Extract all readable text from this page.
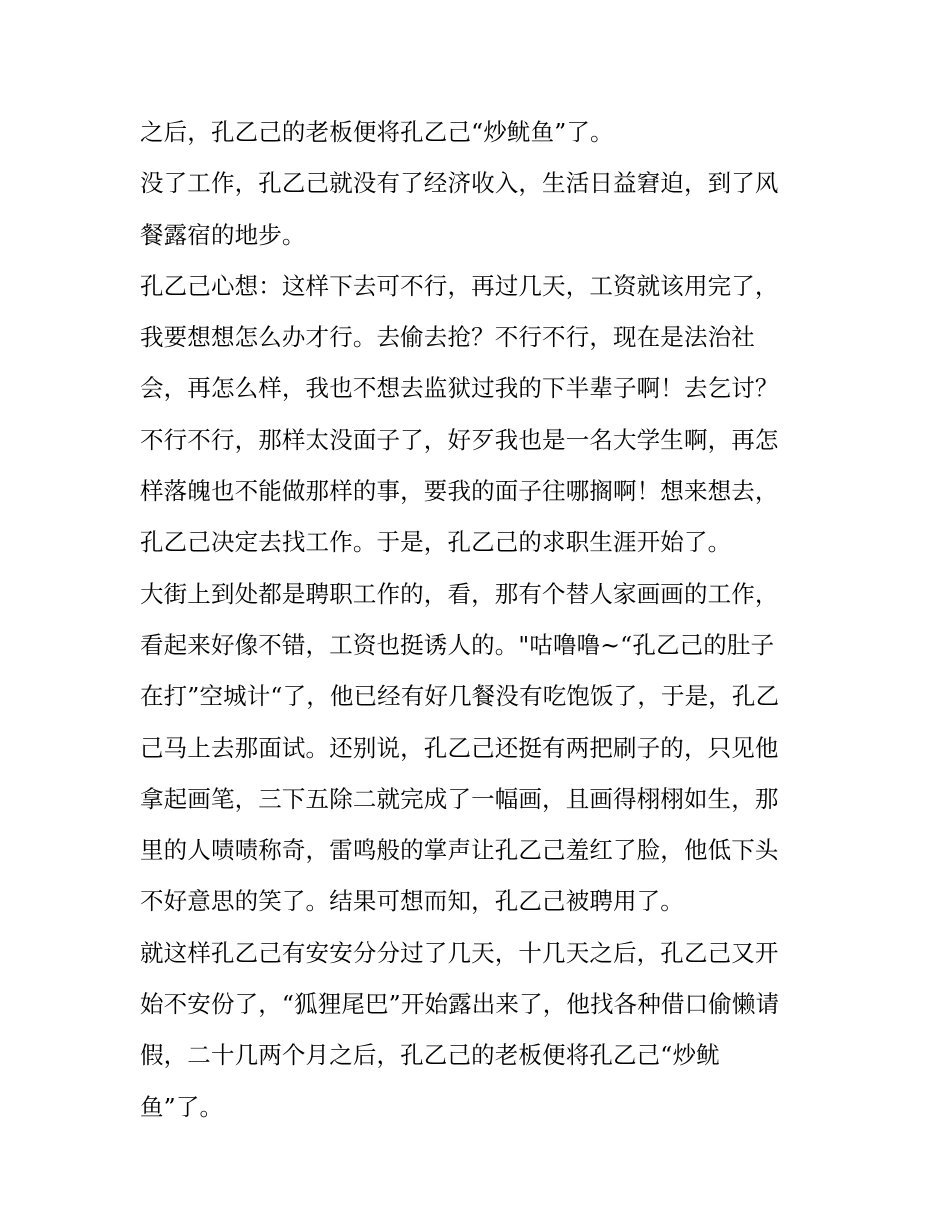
之后，孔乙己的老板便将孔乙己“炒鱿鱼”了。
没了工作，孔乙己就没有了经济收入，生活日益窘迫，到了风
餐露宿的地步。
孔乙己心想：这样下去可不行，再过几天，工资就该用完了，
我要想想怎么办才行。去偷去抢？不行不行，现在是法治社
会，再怎么样，我也不想去监狱过我的下半辈子啊！去乞讨？
不行不行，那样太没面子了，好歹我也是一名大学生啊，再怎
样落魄也不能做那样的事，要我的面子往哪搁啊！想来想去，
孔乙己决定去找工作。于是，孔乙己的求职生涯开始了。
大街上到处都是聘职工作的，看，那有个替人家画画的工作，
看起来好像不错，工资也挺诱人的。"咕噜噜~“孔乙己的肚子
在打”空城计“了，他已经有好几餐没有吃饱饭了，于是，孔乙
己马上去那面试。还别说，孔乙己还挺有两把刷子的，只见他
拿起画笔，三下五除二就完成了一幅画，且画得栩栩如生，那
里的人啧啧称奇，雷鸣般的掌声让孔乙己羞红了脸，他低下头
不好意思的笑了。结果可想而知，孔乙己被聘用了。
就这样孔乙己有安安分分过了几天，十几天之后，孔乙己又开
始不安份了，“狐狸尾巴”开始露出来了，他找各种借口偷懒请
假，二十几两个月之后，孔乙己的老板便将孔乙己“炒鱿
鱼”了。
